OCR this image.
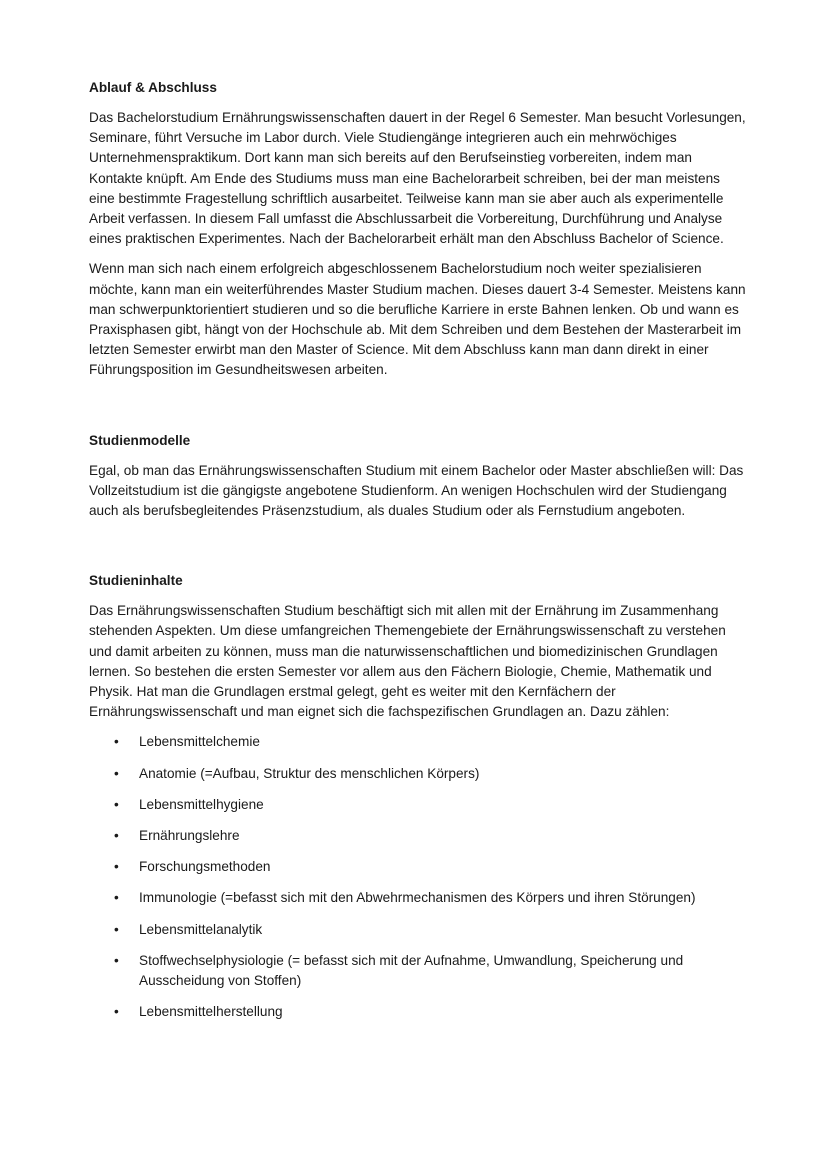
Ablauf & Abschluss

Das Bachelorstudium Ernährungswissenschaften dauert in der Regel 6 Semester. Man besucht Vorlesungen, Seminare, führt Versuche im Labor durch. Viele Studiengänge integrieren auch ein mehrwöchiges Unternehmenspraktikum. Dort kann man sich bereits auf den Berufseinstieg vorbereiten, indem man Kontakte knüpft. Am Ende des Studiums muss man eine Bachelorarbeit schreiben, bei der man meistens eine bestimmte Fragestellung schriftlich ausarbeitet. Teilweise kann man sie aber auch als experimentelle Arbeit verfassen. In diesem Fall umfasst die Abschlussarbeit die Vorbereitung, Durchführung und Analyse eines praktischen Experimentes. Nach der Bachelorarbeit erhält man den Abschluss Bachelor of Science.

Wenn man sich nach einem erfolgreich abgeschlossenem Bachelorstudium noch weiter spezialisieren möchte, kann man ein weiterführendes Master Studium machen. Dieses dauert 3-4 Semester. Meistens kann man schwerpunktorientiert studieren und so die berufliche Karriere in erste Bahnen lenken. Ob und wann es Praxisphasen gibt, hängt von der Hochschule ab. Mit dem Schreiben und dem Bestehen der Masterarbeit im letzten Semester erwirbt man den Master of Science. Mit dem Abschluss kann man dann direkt in einer Führungsposition im Gesundheitswesen arbeiten.

Studienmodelle

Egal, ob man das Ernährungswissenschaften Studium mit einem Bachelor oder Master abschließen will: Das Vollzeitstudium ist die gängigste angebotene Studienform. An wenigen Hochschulen wird der Studiengang auch als berufsbegleitendes Präsenzstudium, als duales Studium oder als Fernstudium angeboten.

Studieninhalte

Das Ernährungswissenschaften Studium beschäftigt sich mit allen mit der Ernährung im Zusammenhang stehenden Aspekten. Um diese umfangreichen Themengebiete der Ernährungswissenschaft zu verstehen und damit arbeiten zu können, muss man die naturwissenschaftlichen und biomedizinischen Grundlagen lernen. So bestehen die ersten Semester vor allem aus den Fächern Biologie, Chemie, Mathematik und Physik. Hat man die Grundlagen erstmal gelegt, geht es weiter mit den Kernfächern der Ernährungswissenschaft und man eignet sich die fachspezifischen Grundlagen an. Dazu zählen:

•	Lebensmittelchemie
•	Anatomie (=Aufbau, Struktur des menschlichen Körpers)
•	Lebensmittelhygiene
•	Ernährungslehre
•	Forschungsmethoden
•	Immunologie (=befasst sich mit den Abwehrmechanismen des Körpers und ihren Störungen)
•	Lebensmittelanalytik
•	Stoffwechselphysiologie (= befasst sich mit der Aufnahme, Umwandlung, Speicherung und Ausscheidung von Stoffen)
•	Lebensmittelherstellung
